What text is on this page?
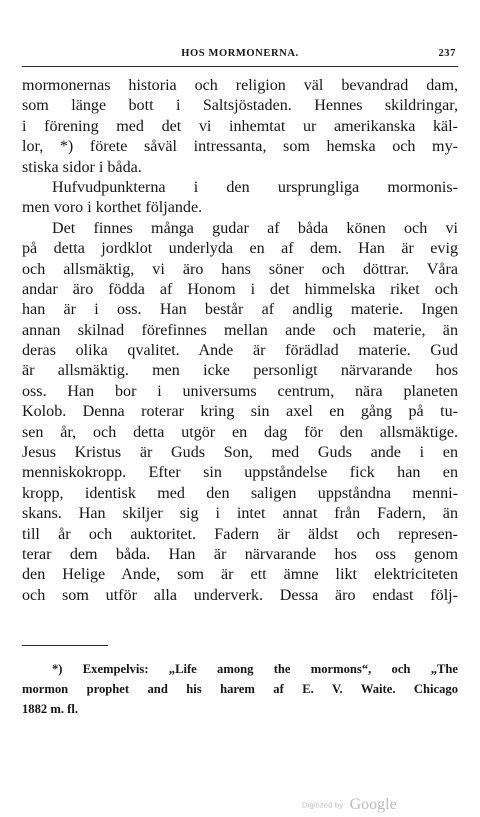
HOS MORMONERNA.	237
mormonernas historia och religion väl bevandrad dam,
som länge bott i Saltsjöstaden. Hennes skildringar,
i förening med det vi inhemtat ur amerikanska käl-
lor, *) förete såväl intressanta, som hemska och my-
stiska sidor i båda.
Hufvudpunkterna i den ursprungliga mormonis-
men voro i korthet följande.
Det finnes många gudar af båda könen och vi
på detta jordklot underlyda en af dem. Han är evig
och allsmäktig, vi äro hans söner och döttrar. Våra
andar äro födda af Honom i det himmelska riket och
han är i oss. Han består af andlig materie. Ingen
annan skilnad förefinnes mellan ande och materie, än
deras olika qvalitet. Ande är förädlad materie. Gud
är allsmäktig. men icke personligt närvarande hos
oss. Han bor i universums centrum, nära planeten
Kolob. Denna roterar kring sin axel en gång på tu-
sen år, och detta utgör en dag för den allsmäktige.
Jesus Kristus är Guds Son, med Guds ande i en
menniskokropp. Efter sin uppståndelse fick han en
kropp, identisk med den saligen uppståndna menni-
skans. Han skiljer sig i intet annat från Fadern, än
till år och auktoritet. Fadern är äldst och represen-
terar dem båda. Han är närvarande hos oss genom
den Helige Ande, som är ett ämne likt elektriciteten
och som utför alla underverk. Dessa äro endast följ-
*) Exempelvis: „Life among the mormons“, och „The
mormon prophet and his harem af E. V. Waite. Chicago
1882 m. fl.
Digitized by Google
